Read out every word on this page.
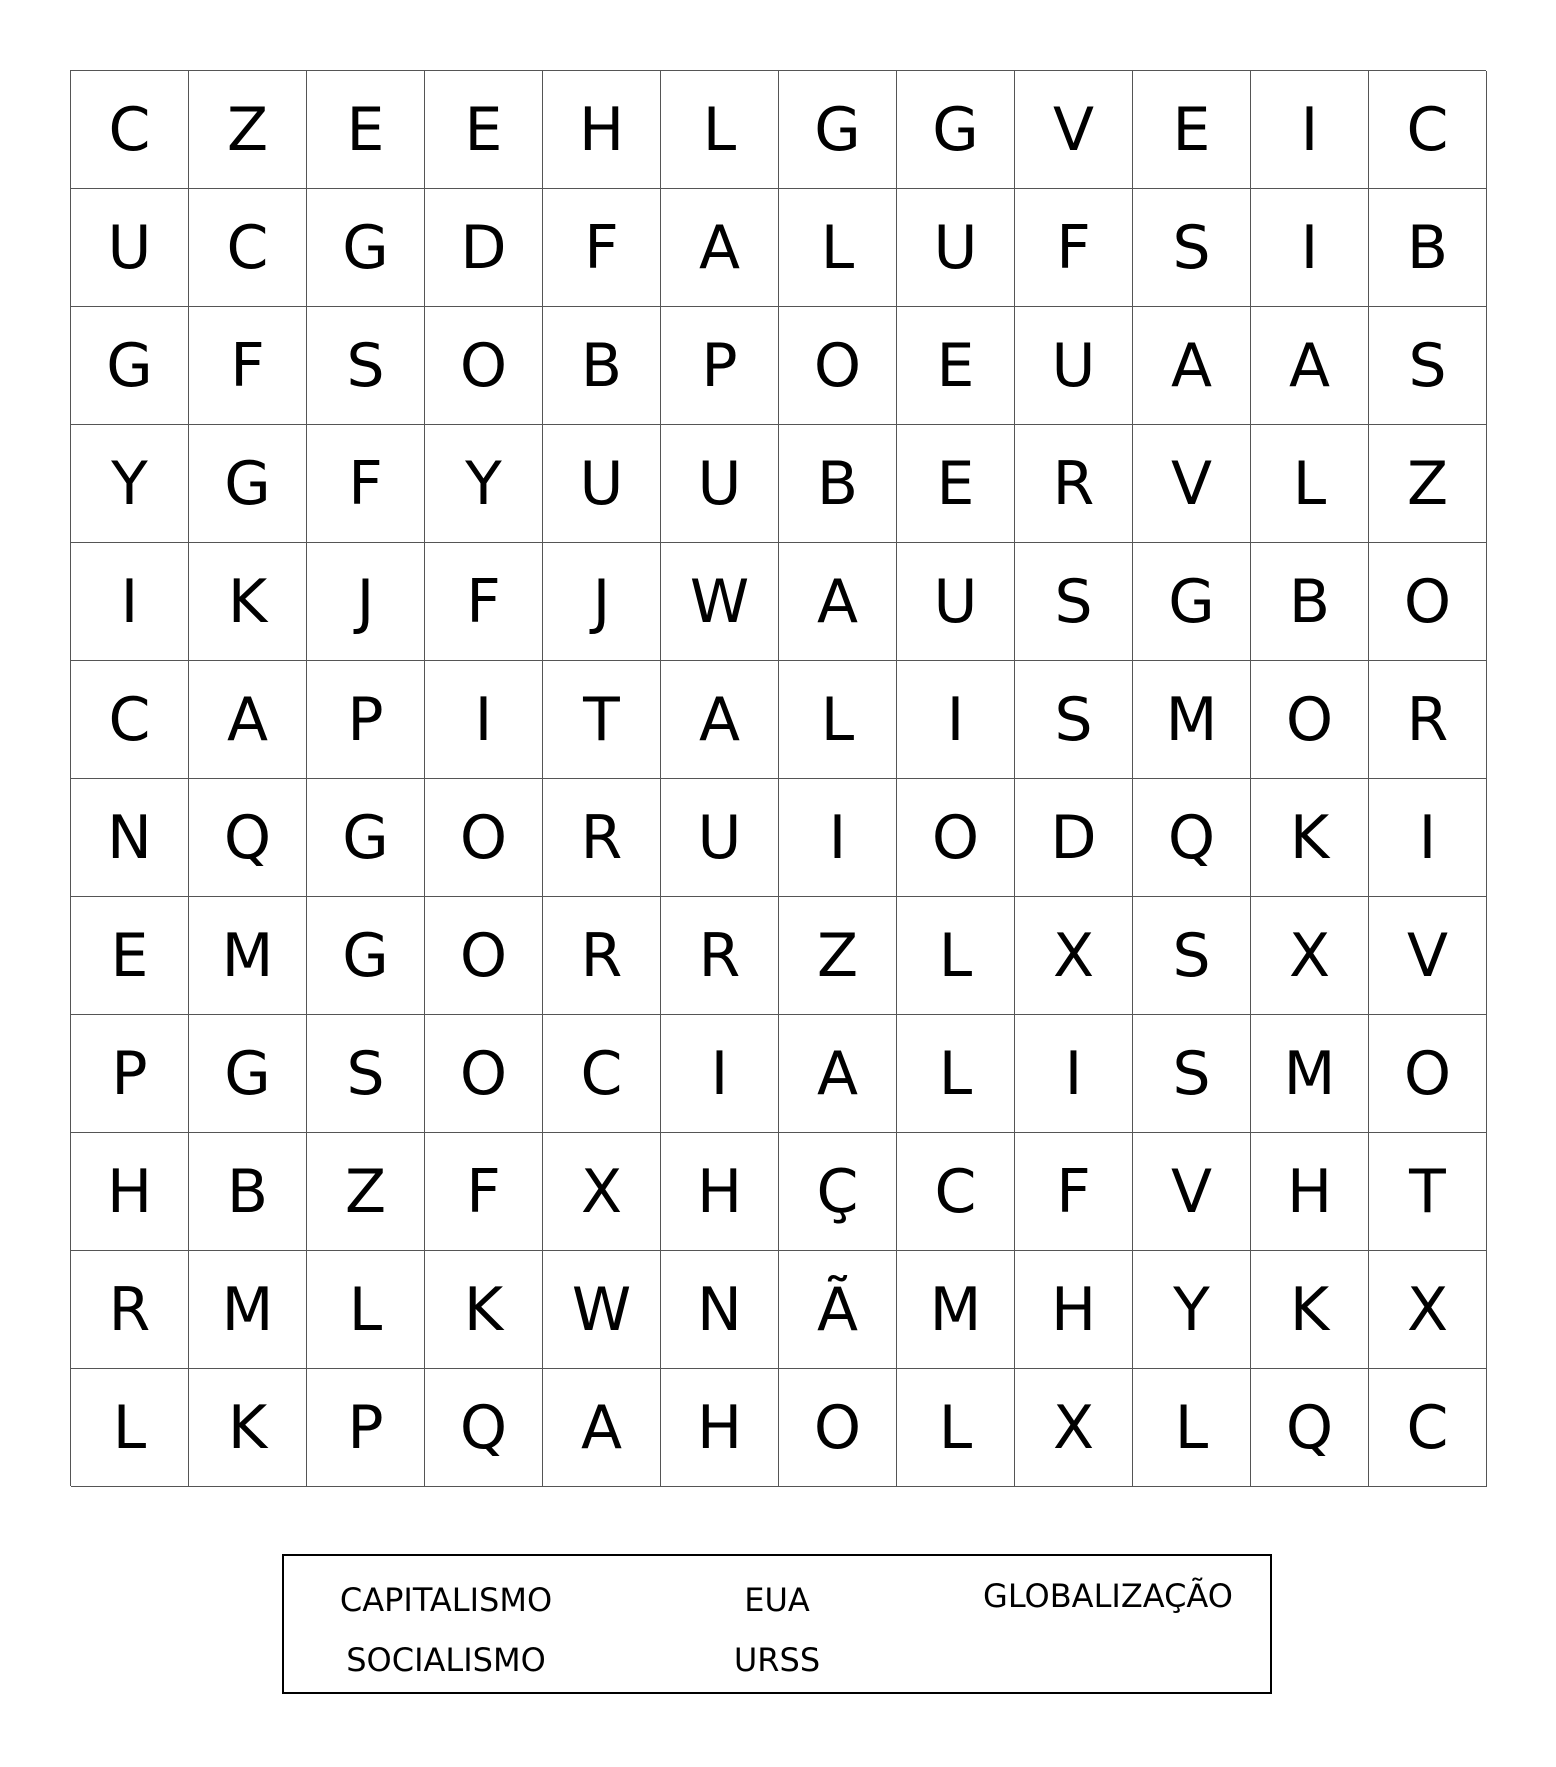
C	Z	E	E	H	L	G	G	V	E	I	C
U	C	G	D	F	A	L	U	F	S	I	B
G	F	S	O	B	P	O	E	U	A	A	S
Y	G	F	Y	U	U	B	E	R	V	L	Z
I	K	J	F	J	W	A	U	S	G	B	O
C	A	P	I	T	A	L	I	S	M	O	R
N	Q	G	O	R	U	I	O	D	Q	K	I
E	M	G	O	R	R	Z	L	X	S	X	V
P	G	S	O	C	I	A	L	I	S	M	O
H	B	Z	F	X	H	Ç	C	F	V	H	T
R	M	L	K	W	N	Ã	M	H	Y	K	X
L	K	P	Q	A	H	O	L	X	L	Q	C
CAPITALISMO	EUA	GLOBALIZAÇÃO
SOCIALISMO	URSS
